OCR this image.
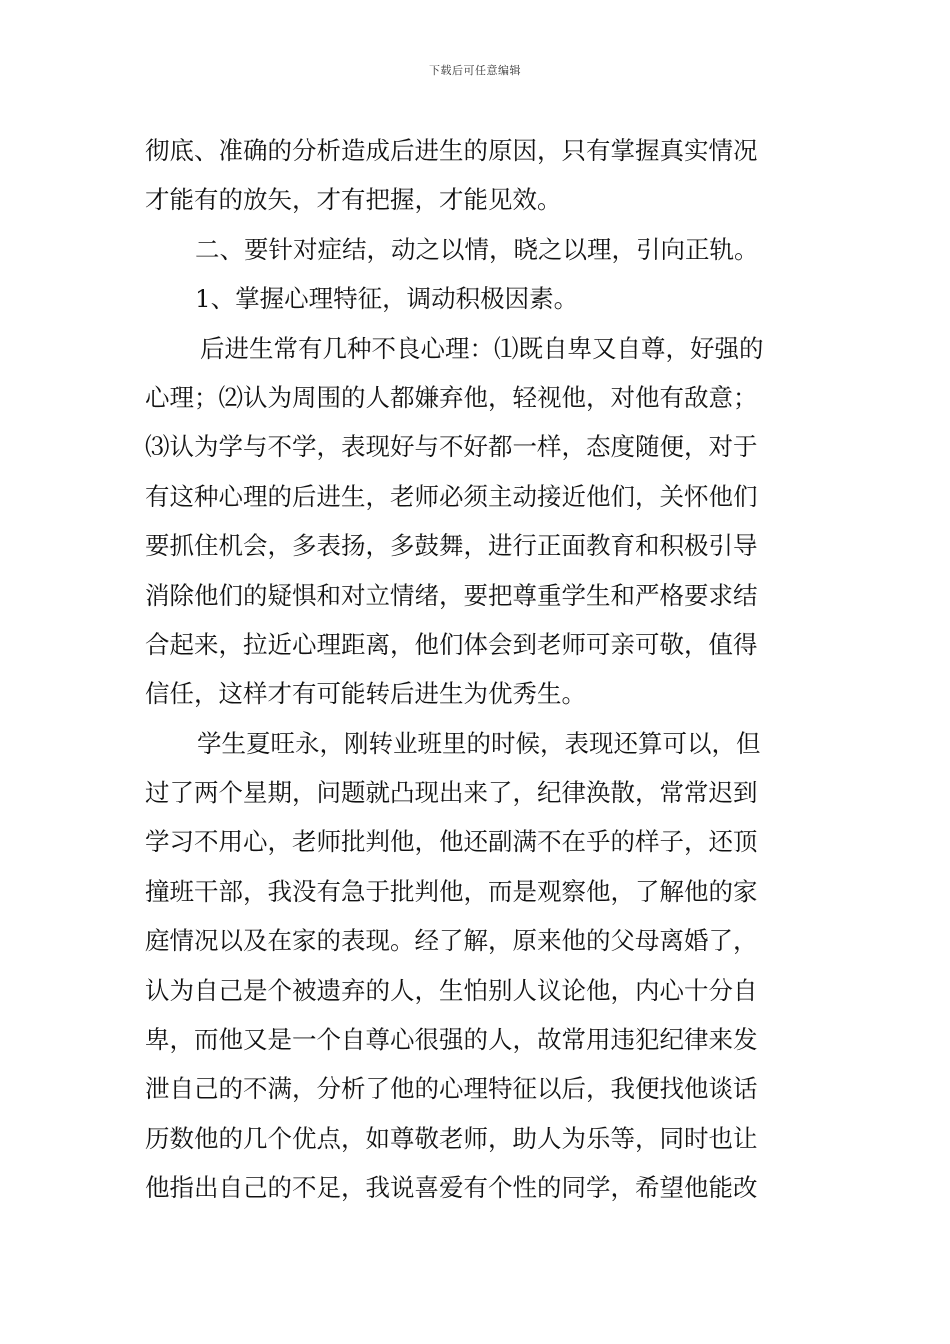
下载后可任意编辑
彻底、准确的分析造成后进生的原因，只有掌握真实情况
才能有的放矢，才有把握，才能见效。
二、要针对症结，动之以情，晓之以理，引向正轨。
1、掌握心理特征，调动积极因素。
后进生常有几种不良心理：⑴既自卑又自尊，好强的
心理；⑵认为周围的人都嫌弃他，轻视他，对他有敌意；
⑶认为学与不学，表现好与不好都一样，态度随便，对于
有这种心理的后进生，老师必须主动接近他们，关怀他们
要抓住机会，多表扬，多鼓舞，进行正面教育和积极引导
消除他们的疑惧和对立情绪，要把尊重学生和严格要求结
合起来，拉近心理距离，他们体会到老师可亲可敬，值得
信任，这样才有可能转后进生为优秀生。
学生夏旺永，刚转业班里的时候，表现还算可以，但
过了两个星期，问题就凸现出来了，纪律涣散，常常迟到
学习不用心，老师批判他，他还副满不在乎的样子，还顶
撞班干部，我没有急于批判他，而是观察他，了解他的家
庭情况以及在家的表现。经了解，原来他的父母离婚了，
认为自己是个被遗弃的人，生怕别人议论他，内心十分自
卑，而他又是一个自尊心很强的人，故常用违犯纪律来发
泄自己的不满，分析了他的心理特征以后，我便找他谈话
历数他的几个优点，如尊敬老师，助人为乐等，同时也让
他指出自己的不足，我说喜爱有个性的同学，希望他能改
